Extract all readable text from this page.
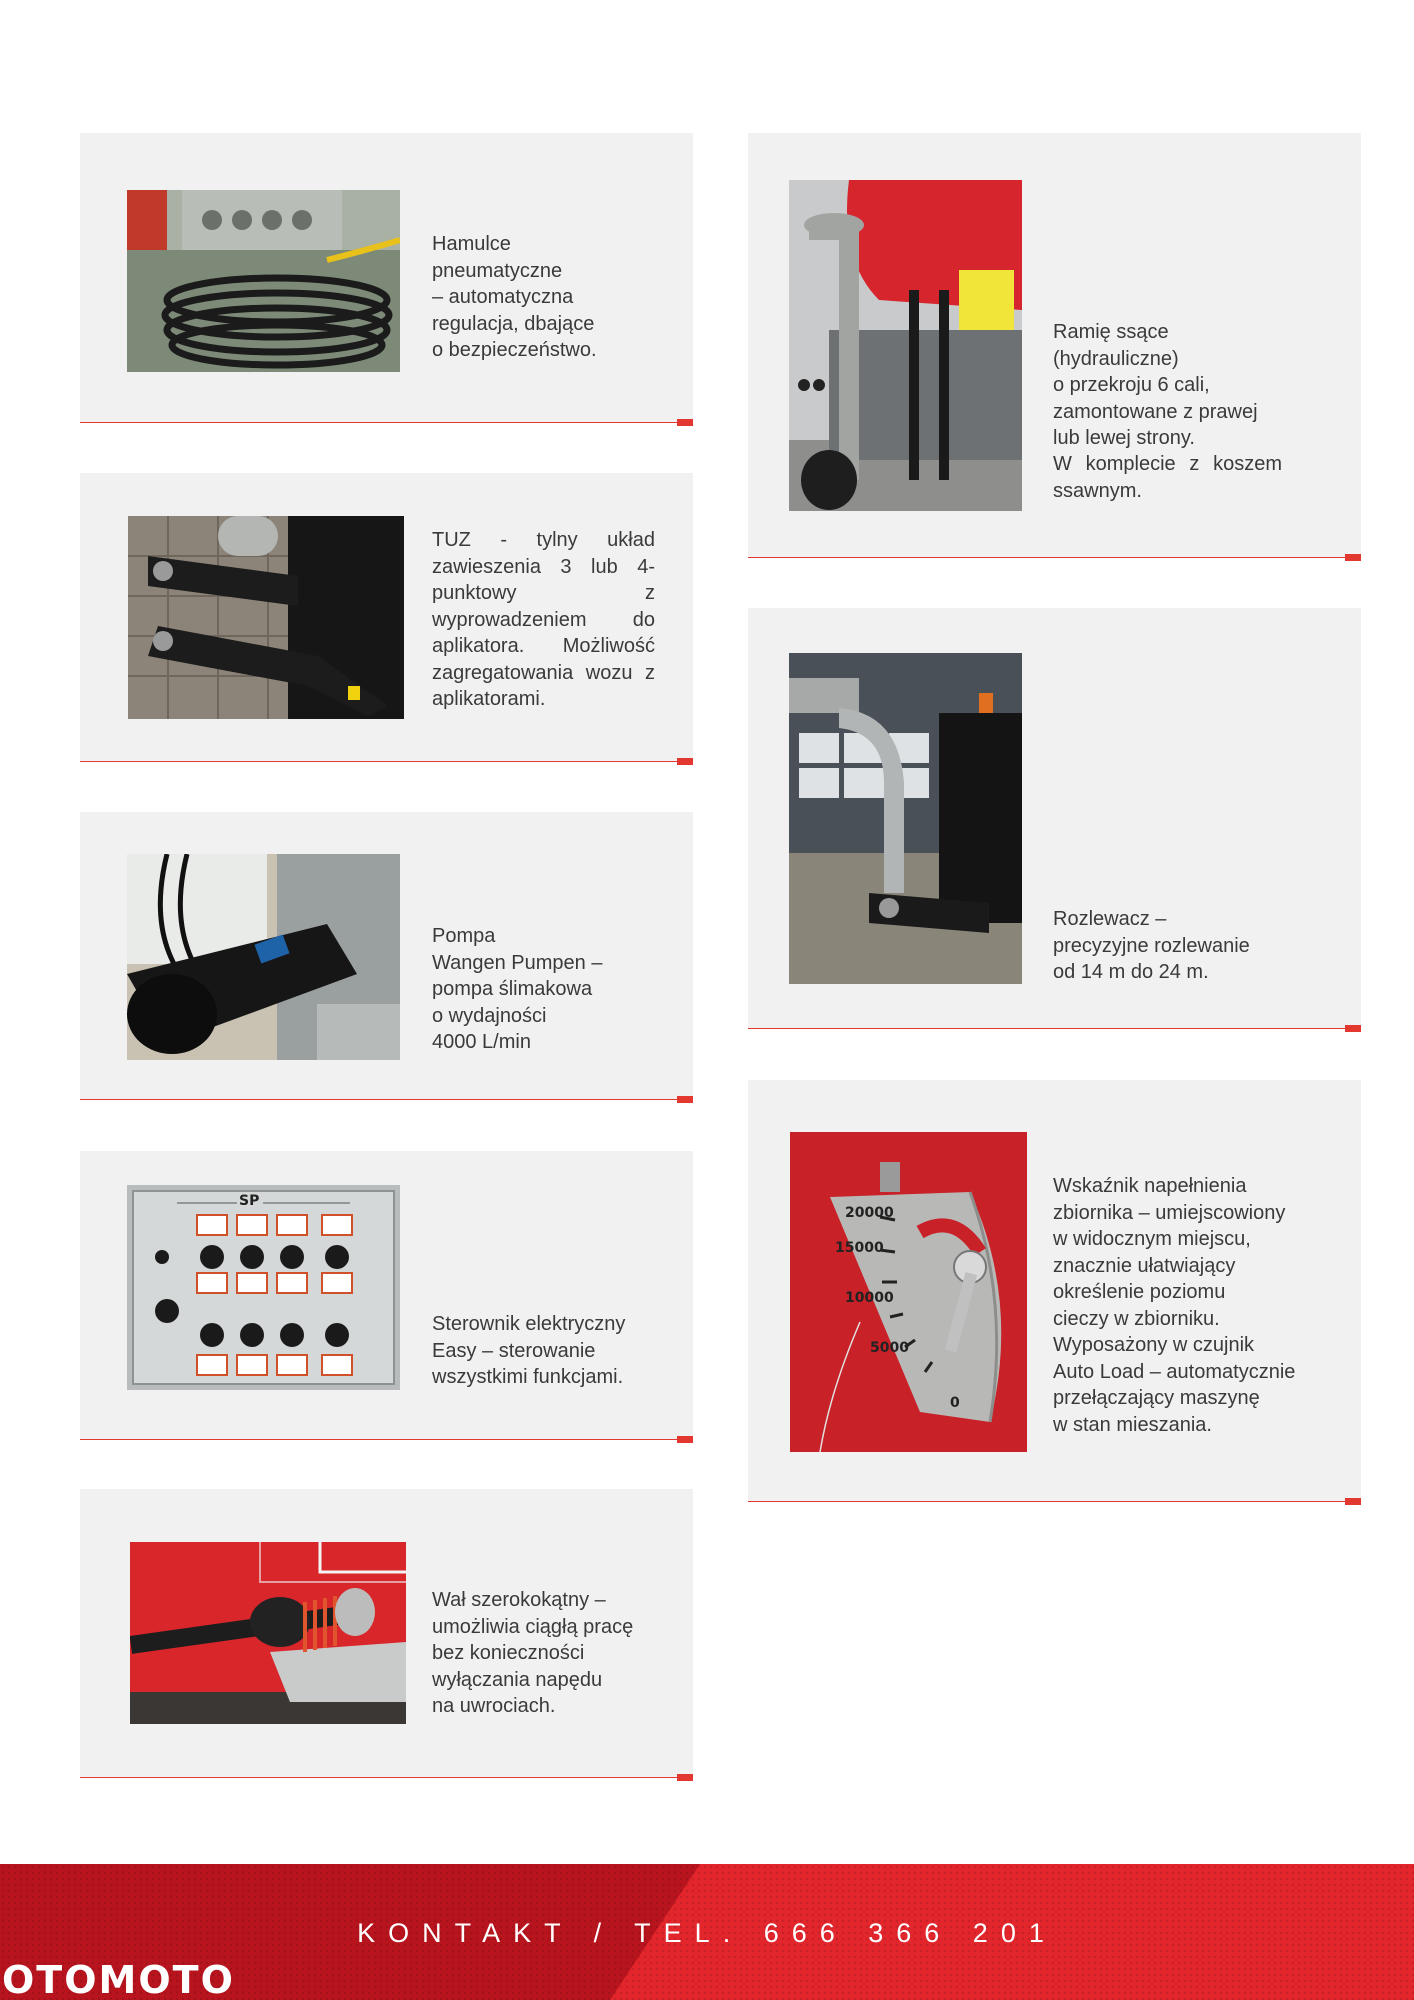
Hamulce
pneumatyczne
– automatyczna
regulacja, dbające
o bezpieczeństwo.
TUZ - tylny układ zawieszenia 3 lub 4- punktowy z wyprowadzeniem do aplikatora. Możliwość zagregatowania wozu z aplikatorami.
Pompa
Wangen Pumpen –
pompa ślimakowa
o wydajności
4000 L/min
SP
Sterownik elektryczny
Easy – sterowanie
wszystkimi funkcjami.
Wał szerokokątny –
umożliwia ciągłą pracę
bez konieczności
wyłączania napędu
na uwrociach.
Ramię ssące
(hydrauliczne)
o przekroju 6 cali,
zamontowane z prawej
lub lewej strony.
W komplecie z koszem ssawnym.
Rozlewacz –
precyzyjne rozlewanie
od 14 m do 24 m.
20000
15000
10000
5000
0
Wskaźnik napełnienia
zbiornika – umiejscowiony
w widocznym miejscu,
znacznie ułatwiający
określenie poziomu
cieczy w zbiorniku.
Wyposażony w czujnik
Auto Load – automatycznie
przełączający maszynę
w stan mieszania.
KONTAKT / TEL. 666 366 201
OTOMOTO
